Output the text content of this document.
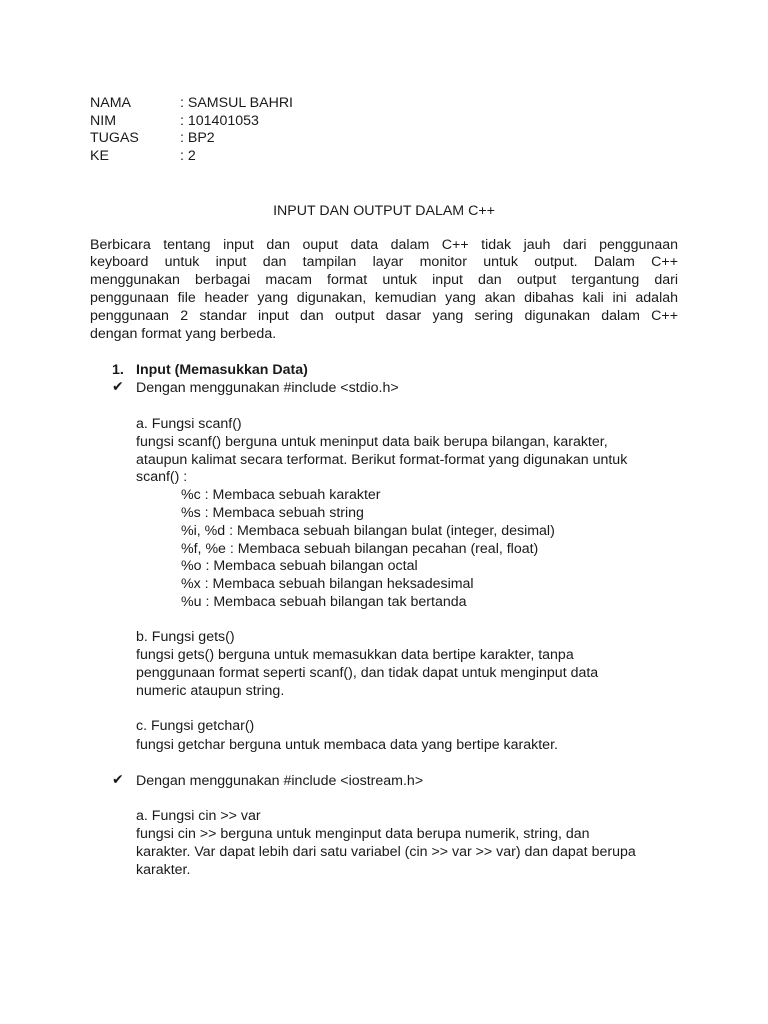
NAMA	: SAMSUL BAHRI
NIM	: 101401053
TUGAS	: BP2
KE	: 2
INPUT DAN OUTPUT DALAM C++
Berbicara tentang input dan ouput data dalam C++ tidak jauh dari penggunaan
keyboard untuk input dan tampilan layar monitor untuk output. Dalam C++
menggunakan berbagai macam format untuk input dan output tergantung dari
penggunaan file header yang digunakan, kemudian yang akan dibahas kali ini adalah
penggunaan 2 standar input dan output dasar yang sering digunakan dalam C++
dengan format yang berbeda.
1. Input (Memasukkan Data)
✔ Dengan menggunakan #include <stdio.h>
a. Fungsi scanf()
fungsi scanf() berguna untuk meninput data baik berupa bilangan, karakter,
ataupun kalimat secara terformat. Berikut format-format yang digunakan untuk
scanf() :
%c : Membaca sebuah karakter
%s : Membaca sebuah string
%i, %d : Membaca sebuah bilangan bulat (integer, desimal)
%f, %e : Membaca sebuah bilangan pecahan (real, float)
%o : Membaca sebuah bilangan octal
%x : Membaca sebuah bilangan heksadesimal
%u : Membaca sebuah bilangan tak bertanda
b. Fungsi gets()
fungsi gets() berguna untuk memasukkan data bertipe karakter, tanpa
penggunaan format seperti scanf(), dan tidak dapat untuk menginput data
numeric ataupun string.
c. Fungsi getchar()
fungsi getchar berguna untuk membaca data yang bertipe karakter.
✔ Dengan menggunakan #include <iostream.h>
a. Fungsi cin >> var
fungsi cin >> berguna untuk menginput data berupa numerik, string, dan
karakter. Var dapat lebih dari satu variabel (cin >> var >> var) dan dapat berupa
karakter.
